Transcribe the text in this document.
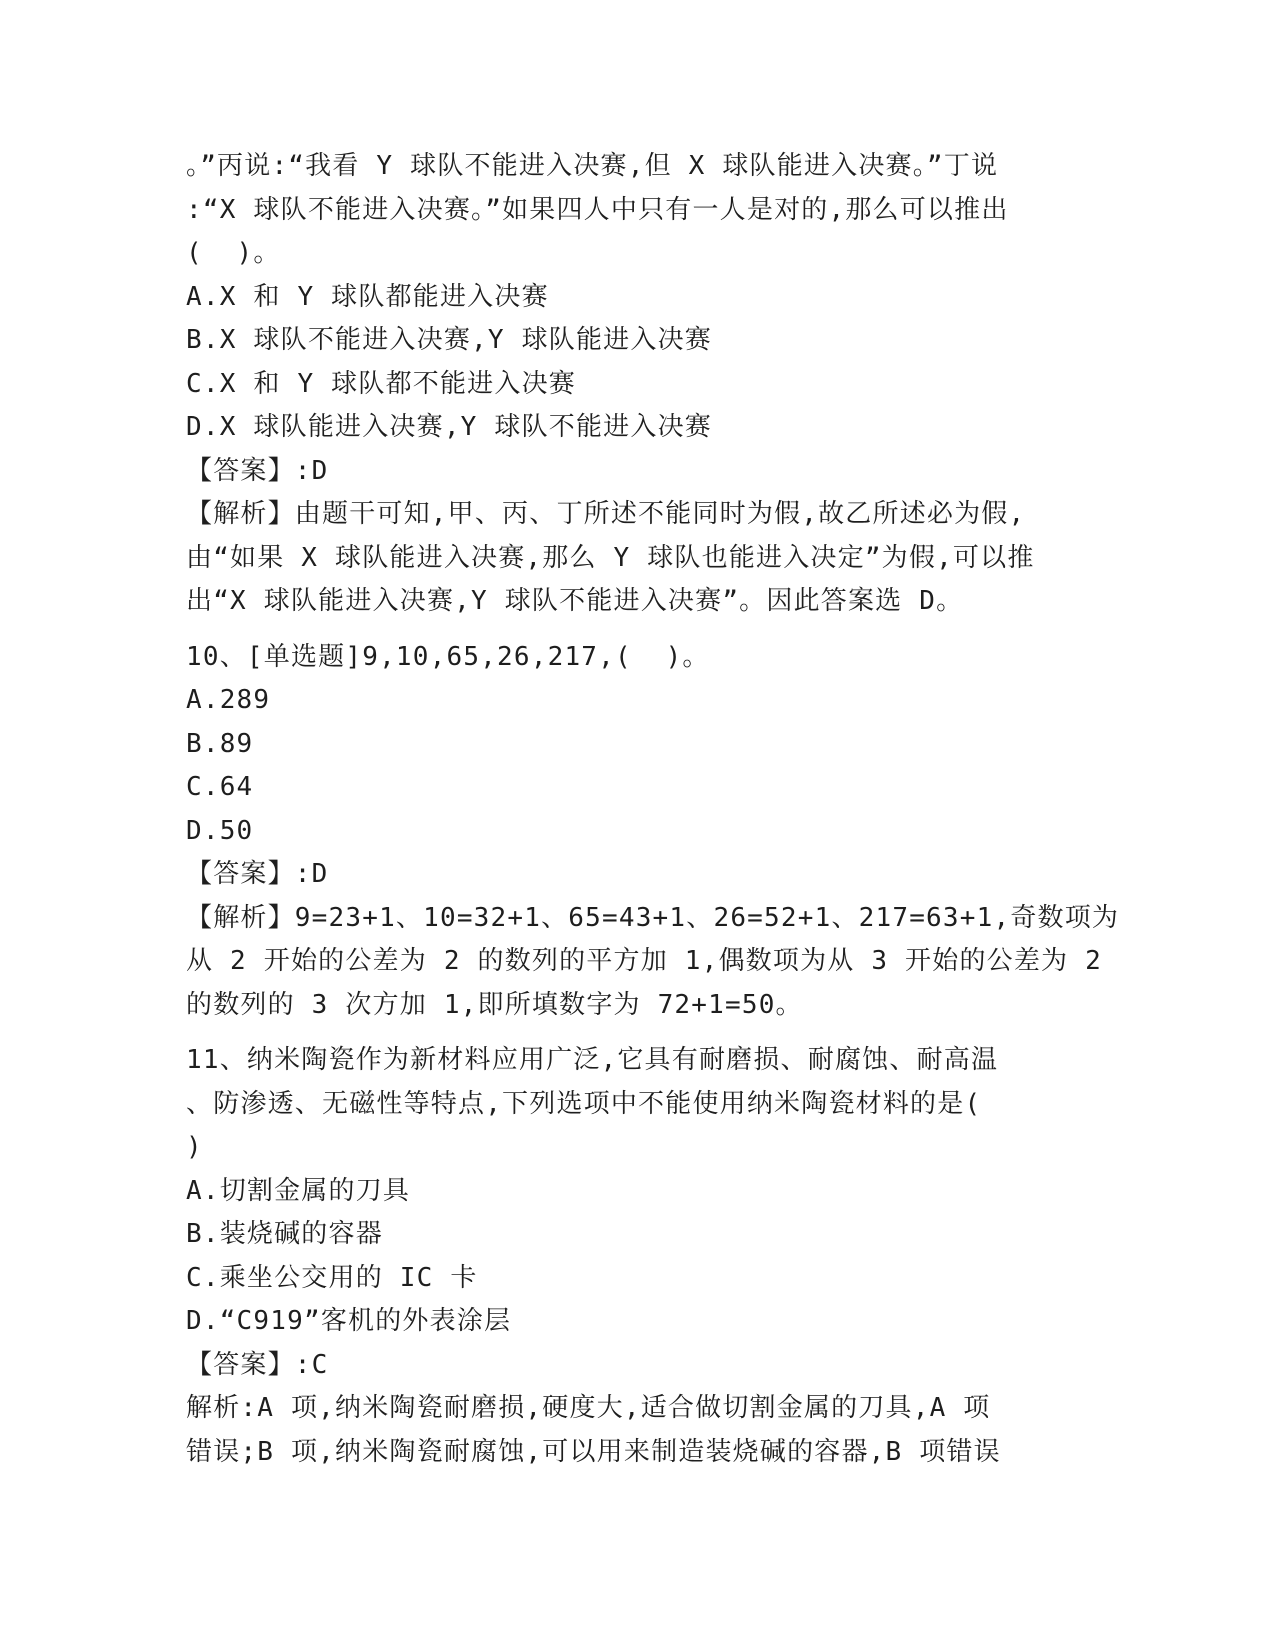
。”丙说:“我看 Y 球队不能进入决赛,但 X 球队能进入决赛。”丁说
:“X 球队不能进入决赛。”如果四人中只有一人是对的,那么可以推出
(  )。
A.X 和 Y 球队都能进入决赛
B.X 球队不能进入决赛,Y 球队能进入决赛
C.X 和 Y 球队都不能进入决赛
D.X 球队能进入决赛,Y 球队不能进入决赛
【答案】:D
【解析】由题干可知,甲、丙、丁所述不能同时为假,故乙所述必为假,
由“如果 X 球队能进入决赛,那么 Y 球队也能进入决定”为假,可以推
出“X 球队能进入决赛,Y 球队不能进入决赛”。因此答案选 D。
10、[单选题]9,10,65,26,217,(  )。
A.289
B.89
C.64
D.50
【答案】:D
【解析】9=23+1、10=32+1、65=43+1、26=52+1、217=63+1,奇数项为
从 2 开始的公差为 2 的数列的平方加 1,偶数项为从 3 开始的公差为 2
的数列的 3 次方加 1,即所填数字为 72+1=50。
11、纳米陶瓷作为新材料应用广泛,它具有耐磨损、耐腐蚀、耐高温
、防渗透、无磁性等特点,下列选项中不能使用纳米陶瓷材料的是(
)
A.切割金属的刀具
B.装烧碱的容器
C.乘坐公交用的 IC 卡
D.“C919”客机的外表涂层
【答案】:C
解析:A 项,纳米陶瓷耐磨损,硬度大,适合做切割金属的刀具,A 项
错误;B 项,纳米陶瓷耐腐蚀,可以用来制造装烧碱的容器,B 项错误
